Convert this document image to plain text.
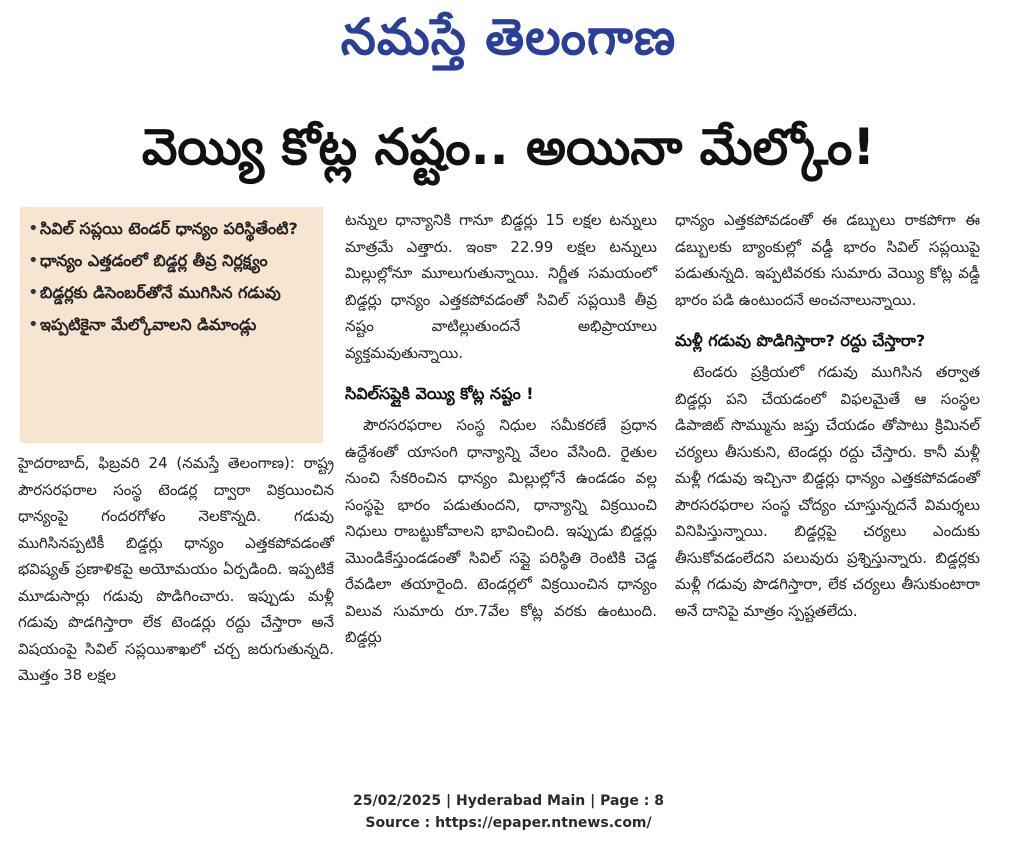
నమస్తే తెలంగాణ
వెయ్యి కోట్ల నష్టం.. అయినా మేల్కోం!
• సివిల్ సప్లయి టెండర్ ధాన్యం పరిస్థితేంటి?
• ధాన్యం ఎత్తడంలో బిడ్డర్ల తీవ్ర నిర్లక్ష్యం
• బిడ్డర్లకు డిసెంబర్‌తోనే ముగిసిన గడువు
• ఇప్పటికైనా మేల్కోవాలని డిమాండ్లు

హైదరాబాద్, ఫిబ్రవరి 24 (నమస్తే తెలంగాణ): రాష్ట్ర పౌరసరఫరాల సంస్థ టెండర్ల ద్వారా విక్రయించిన ధాన్యంపై గందరగోళం నెలకొన్నది. గడువు ముగిసినప్పటికీ బిడ్డర్లు ధాన్యం ఎత్తకపోవడంతో భవిష్యత్ ప్రణాళికపై అయోమయం ఏర్పడింది. ఇప్పటికే మూడుసార్లు గడువు పొడిగించారు. ఇప్పుడు మళ్లీ గడువు పొడగిస్తారా లేక టెండర్లు రద్దు చేస్తారా అనే విషయంపై సివిల్ సప్లయిశాఖలో చర్చ జరుగుతున్నది. మొత్తం 38 లక్షల

టన్నుల ధాన్యానికి గానూ బిడ్డర్లు 15 లక్షల టన్నులు మాత్రమే ఎత్తారు. ఇంకా 22.99 లక్షల టన్నులు మిల్లుల్లోనూ మూలుగుతున్నాయి. నిర్ణీత సమయంలో బిడ్డర్లు ధాన్యం ఎత్తకపోవడంతో సివిల్ సప్లయికి తీవ్ర నష్టం వాటిల్లుతుందనే అభిప్రాయాలు వ్యక్తమవుతున్నాయి.

సివిల్‌సప్లైకి వెయ్యి కోట్ల నష్టం !

పౌరసరఫరాల సంస్థ నిధుల సమీకరణే ప్రధాన ఉద్దేశంతో యాసంగి ధాన్యాన్ని వేలం వేసింది. రైతుల నుంచి సేకరించిన ధాన్యం మిల్లుల్లోనే ఉండడం వల్ల సంస్థపై భారం పడుతుందని, ధాన్యాన్ని విక్రయించి నిధులు రాబట్టుకోవాలని భావించింది. ఇప్పుడు బిడ్డర్లు మొండికేస్తుండడంతో సివిల్ సప్లై పరిస్థితి రెంటికి చెడ్డ రేవడిలా తయారైంది. టెండర్లలో విక్రయించిన ధాన్యం విలువ సుమారు రూ.7వేల కోట్ల వరకు ఉంటుంది. బిడ్డర్లు

ధాన్యం ఎత్తకపోవడంతో ఈ డబ్బులు రాకపోగా ఈ డబ్బులకు బ్యాంకుల్లో వడ్డీ భారం సివిల్ సప్లయిపై పడుతున్నది. ఇప్పటివరకు సుమారు వెయ్యి కోట్ల వడ్డీ భారం పడి ఉంటుందనే అంచనాలున్నాయి.

మళ్లీ గడువు పొడిగిస్తారా? రద్దు చేస్తారా?

టెండరు ప్రక్రియలో గడువు ముగిసిన తర్వాత బిడ్డర్లు పని చేయడంలో విఫలమైతే ఆ సంస్థల డిపాజిట్ సొమ్మును జప్తు చేయడం తోపాటు క్రిమినల్ చర్యలు తీసుకుని, టెండర్లు రద్దు చేస్తారు. కానీ మళ్లీ మళ్లీ గడువు ఇచ్చినా బిడ్డర్లు ధాన్యం ఎత్తకపోవడంతో పౌరసరఫరాల సంస్థ చోద్యం చూస్తున్నదనే విమర్శలు వినిపిస్తున్నాయి. బిడ్డర్లపై చర్యలు ఎందుకు తీసుకోవడంలేదని పలువురు ప్రశ్నిస్తున్నారు. బిడ్డర్లకు మళ్లీ గడువు పొడగిస్తారా, లేక చర్యలు తీసుకుంటారా అనే దానిపై మాత్రం స్పష్టతలేదు.

25/02/2025 | Hyderabad Main | Page : 8
Source : https://epaper.ntnews.com/
